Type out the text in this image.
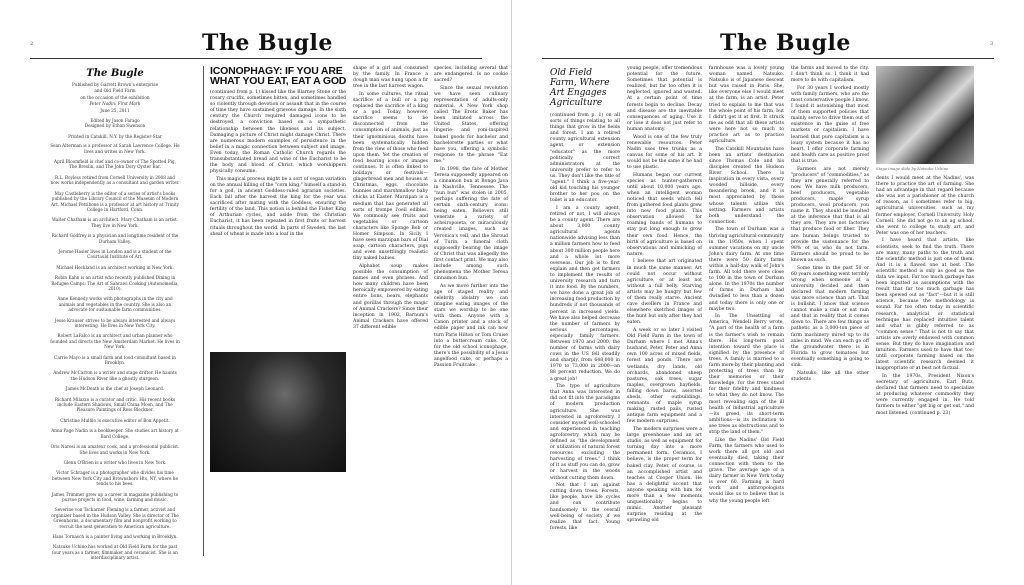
2	The Bugle
The Bugle
Published by Garrett Brown's enterprise
and Old Field Farm
on the occasion of the exhibition
Peter Nadin: First Mark
June 25, 2011
Edited by Jason Farago
Designed by Ethan Swenson
Printed in Catskill, N.Y. by the Register-Star

Sean Alterman is a professor at Sarah Lawrence College. He lives and writes in New York.

April Bloomfield is chef and co-owner of The Spotted Pig, The Breslin, and The John Dory Oyster Bar.

R.L. Boyless retired from Cornell University in 2008 and now works independently as a consultant and garden writer.

May Castleberry is the editor of a series of artist's books published by the Library Council of the Museum of Modern Art. Michael Pettibone is a professor at art history at Trinity College in Hartford, Conn.

Walter Chatham is an architect. Mary Chatham is an artist. They live in New York.

Richard Godfrey is a physician and longtime resident of the Durham Valley.

Jerome Hasler lives in London and is a student of the Courtauld Institute of Art.

Michael Heckland is an architect working in New York.

Robin Kahn is an artist who recently published Dining in Refugee Camps: The Art of Sahrawi Cooking (Autonomedia, 2010).

Anne Kennedy works with photographs in the city and animals and vegetables in the country. She is also an advocate for sustainable farm communities.

Jesse Krauser strives to be always interested and always interesting. He lives in New York City.

Robert LaFalco is an architect and urban planner who founded and directs the New Amsterdam Market. He lives in New York.

Carrie Mayo is a small farm and food consultant based in Brooklyn.

Andrew McCarron is a writer and stage drifter. He haunts the Hudson River like a ghostly sturgeon.

James McDeath is the chef at Joseph Leonard.

Richard Milazzo is a curator and critic. His recent books include Eastern Shadows, Small China Moon, and The Pleasure Paintings of Ross Bleckner.

Christine Mullilo is executive editor of Bon Appetit.

Anna Page Nadin is a bookkeeper. She studies art history at Bard College.

Oris Naresi is an amateur cook, and a professional publicist. She lives and works in New York.

Glenn O'Brien is a writer who lives in New York.

Victor Schrager is a photographer who divides his time between New York City and Brownsboro Hts, NY, where he tends to his bees.

James Trimmer grew up a career in magazine publishing to pursue projects in food, wine, farming and music.

Severine von Tscharner Fleming is a farmer, activist and organizer based in the Hudson Valley. She is director of The Greenhorns, a documentary film and nonprofit working to recruit the next generation to American agriculture.

Hans Tornasch is a painter living and working in Brooklyn.

Natsuko Uchino has worked at Old Field Farm for the past four years as a farmer, filmmaker and ceramicist. She is an interdisciplinary artist.

ICONOPHAGY: IF YOU ARE WHAT YOU EAT, EAT A GOD

(continued from p. 1) kissed like the Blarney Stone or the rosary crucifix, sometimes bitten, and sometimes handled so violently through devotion or assault that in the course of time they have sustained grievous damage. In the sixth century the Church required damaged icons to be destroyed, a conviction based on a sympathetic relationship between the likeness and its subject. Damaging a picture of Christ might damage Christ. There are numerous modern examples of persistence in the belief in a magic connection between subject and image. Even today, the Roman Catholic Church regards the transubstantiated bread and wine of the Eucharist to be the body and blood of Christ, which worshippers physically consume.

This magical process might be a sort of vegan variation on the annual killing of the "corn king," himself a stand-in for a god, in ancient Goddess-ruled agrarian societies. Each fall after the harvest the king for the year was sacrificed after mating with the Goddess, ensuring the fertility of the land. This notion is behind the Fisher King of Arthurian cycles, and aside from the Christian Eucharist, it has been repeated in first fruits or harvest rituals throughout the world. In parts of Sweden, the last sheaf of wheat is made into a loaf in the

shape of a girl and consumed by the family. In France a dough man was hung upon a fir tree in the last harvest wagon.

In some cultures, the ritual sacrifice of a bull or a pig replaced the sacrifice of a king or a god. Today, however, sacrifice seems to be disconnected from the consumption of animals, just as their ignominious deaths have been systematically hidden from the view of those who feed upon them. Yet the creation of food bearing icons or images continues. It is often linked to holidays or festivals—gingerbread men and houses at Christmas, eggs, chocolate bunnies and marshmallow baby chicks at Easter. Marzipan is a medium that has generated all sorts of trompe l'oeil edibles. We commonly see fruits and vegetables or cartoon characters like Sponge Bob or Homer Simpson. In Sicily I have seen marzipan bars of Dial soap, cartoon characters, pigs and even unsettlingly realistic tiny naked babies.

Alphabet soup makes possible the consumption of names and even phrases. And how many children have been heroically empowered by eating entire lions, bears, elephants and gorillas through the magic of Animal Crackers? Since their inception in 1902, Barnum's Animal Crackers have offered 37 different edible

species, including several that are endangered. Is no cookie sacred?

Since the sexual revolution we have seen culinary representation of adults-only material. A New York shop called The Erotic Baker has been imitated across the United States, offering lingerie- and yoni-inspired baked goods for bachelor and bachelorette parties or what have you, offering a symbolic response to the phrase "Eat me."

In 1998, the face of Mother Teresa supposedly appeared on a cinnamon bun at Bongo Java in Nashville, Tennessee. The "nun bun" was stolen in 2005, perhaps suffering the fate of certain sixth-century icons: being eaten. Believers still venerate a variety of acheiropoieta, or miraculously created images, such as Veronica's veil, and the Shroud of Turin, a funeral cloth supposedly bearing the image of Christ that was allegedly the first contact print. We may also include among such phenomena the Mother Teresa cinnamon bun.

As we move further into the age of staged reality and celebrity idolatry we can imagine eating images of the stars we worship to be one with them. Anyone with a Canon printer and a stock of edible paper and ink can now turn Paris Hilton or Tom Cruise into a buttercream cake. Or, for the old school iconophage, there's the possibility of a Jesus angelfood cake, or perhaps a Passion Fruitcake.

3
The Bugle
Old Field Farm, Where Art Engages Agriculture

(continued from p. 1) on all sorts of things relating to all things that grow in the fields and forest. I am a retired county agricultural extension agent, or extension "educator" as the more politically correct administrators at the university prefer to refer to us. They don't like the title of "agent." I think a five-year-old kid touching his younger brother to her poo on the toilet is an educator.

I am a county agent, retired or not, I will always be a county agent. There are about 3,000 county agricultural agents nationwide advising less than a million farmers how to feed about 300 million people here and a whole lot more overseas. Our job is to first explain and then get farmers to implement the results of university research and turn it into food. By the numbers, we have done a great job of increasing food production by hundreds if not thousands of percent in increased yields. We have also helped decrease the number of farmers by serious percentages, especially family farmers. Between 1970 and 2000, the number of farms with dairy cows in the US fell steadily and sharply, from 648,000 in 1970 to 73,000 in 2000—an 88 percent reduction. We do a great job!

The type of agriculture that Anna was interested in did not fit into the paradigms of modern production agriculture. She was interested in agroforestry. I consider myself well-schooled and experienced in teaching agroforestry, which may be defined as "the development or utilization of natural forest resources excluding the harvesting of trees." I think of it as stuff you can do, grow or harvest in the woods without cutting them down.

Not that I am against cutting down trees. Forests, like people, have life cycles and can contribute handsomely to the overall well-being of society if we realize that fact. Young forests, like

young people, offer tremendous potential for the future. Sometimes that potential is realized, but far too often it is neglected, ignored and wasted. At a certain point of time forests begin to decline. Decay and disease are the inevitable consequences of aging. Use it or lose it does not just refer to human anatomy.

Wood is one of the few truly renewable resources. Peter Nadin uses tree trunks as a canvas for some of his art. It would not be the same if he had to use plastic.

Humans began our current species as hunter-gatherers until about 10,000 years ago, when an intelligent woman noticed that seeds which fell from gathered food plants grew into new food plants. This observation allowed for roaming bands of humans to stay put long enough to grow their own food. Hence, the birth of agriculture is based on observations and mimicking of nature.

I believe that art originated in much the same manner. Art could not occur without agriculture, or at least not without a full belly. Starving artists may be hungry but few of them really starve. Ancient cave dwellers in France and elsewhere sketched images of the hunt but only after they had eaten.

A week or so later I visited Old Field Farm in the town of Durham where I met Anna's husband, Peter. Peter and Anna own 100 acres of mixed fields, forest and ponds. There are wetlands, dry lands, old orchards, abandoned sheep pastures, oak trees, sugar maples, overgrown hayfields, falling down barns, assorted sheds, other outbuildings, remnants of maple syrup making, rusted pails, rusted antique farm equipment and a few modern surprises.

The modern surprises were a large greenhouse and an art studio, as well as equipment for turning day into a more permanent form. Ceramics, I believe, is the proper term for baked clay. Peter, of course, is an accomplished artist and teaches at Cooper Union. He has a delightful accent that anyone speaking with him for more than a few moments unquestionably begins to mimic. Another pleasant surprise residing at the sprawling old

farmhouse was a lovely young woman named Natsuko. Natsuko is of Japanese descent but was raised in Paris. She, like everyone else I would meet at the farm, is an artist. Peter tried to explain to me that was the whole point of his farm, but I didn't get it at first. It struck me as odd that all these artists were here not so much to practice art as to practice agriculture.

The Catskill Mountains have been an artists' destination since Thomas Cole and his disciples created the Hudson River School. There is inspiration in every vista, every wooded hillside, every meandering brook, and it is most appreciated by those whose talents utilize this setting. Farmers and artists both understand the connection.

The town of Durham was a thriving agricultural community in the 1950s, when I spent summer vacations on my uncle John's dairy farm. At one time there were 50 dairy farms within a half-day walk of John's farm. All told there were close to 100 in the town of Durham alone. In the 1970s the number of farms in Durham had dwindled to less than a dozen and today there is only one or maybe two.

In The Unsettling of America, Wendell Berry wrote, "A part of the health of a farm is the farmer's wish to remain there. His long-term good intention toward the place is signified by the presence of trees. A family is married to a farm more by their planting and protecting of trees than by their memories or their knowledge, for the trees stand for their fidelity and kindness to what they do not know. The most revealing sign of the ill health of industrial agriculture—its greed, its short-term ambitions—is its inclination to see trees as obstructions and to strip the land of them."

Like the Nadins' Old Field Farm, the farmers who used to work there all got old and eventually died, taking their connection with them to the grave. The average age of a dairy farmer in New York today is over 60. Farming is hard work and anthropologists would like us to believe that is why the young people left

the farms and moved to the city. I don't think so. I think it had more to do with capitalism.

For 30 years I worked mostly with family farmers, who are the most conservative people I know. I found it astonishing that most of them supported policies that mainly serve to drive them out of existence in the guise of free markets or capitalism. I have learned that pure capitalism is a lousy system because it has no heart. I offer corporate farming and health care as positive proof that is true.

Farmers are not merely "producers" of "commodities," as they are generally referred to now. We have milk producers, beef producers, vegetable producers, maple syrup producers, wool producers, you name it. They should be insulted at the inference that that is all they are. They are not factories that produce food or fiber. They are human beings trusted to provide the sustenance for the 98% of us who do not farm. Farmers should be proud to be known as such.

Some time in the past 50 or 60 years something went terribly wrong when someone at a university decided and then declared that modern farming was more science than art. That is bullshit. I know that science cannot make a rain or eat rain and that in reality that it comes down to. There are few things as pathetic as a 3,000-ton piece of farm machinery mired up to its axles in mud. We can each go off the groundwater there is in Florida to grow tomatoes but eventually something is going to sink.

Natsuko, like all the other students

Stage image slide by Natsuko Uchino

dents I would meet at the Nadins', was there to practice the art of farming. She had an advantage in that regard because she was not a parishioner at the church of reason, as I sometimes refer to big, agricultural universities, such as my former employer, Cornell University. Holy Cornell. She did not go to an ag school, she went to college to study art, and Peter was one of her teachers.

I have heard that artists, like scientists, seek to find the truth. There are many, many paths to the truth and the scientific method is just one of them. And it is a flawed one at best. The scientific method is only as good as the data we input. Far too much garbage has been inputted as assumptions with the result that far too much garbage has been spewed out as "fact"—but it is still science, because the methodology is sound. Far too often today in scientific research, analytical or statistical technique has replaced intuitive talent and what is glibly referred to as "common sense." That is not to say that artists are overly endowed with common sense. But they do have imagination and intuition. Farmers used to have that too, until corporate farming based on the latest scientific research deemed it inappropriate or at best not factual.

In the 1970s, President Nixon's secretary of agriculture, Earl Butz, declared that farmers need to specialize at producing whatever commodity they were currently engaged in. He told farmers to either "get big or get out," and most listened. (continued p. 23)
